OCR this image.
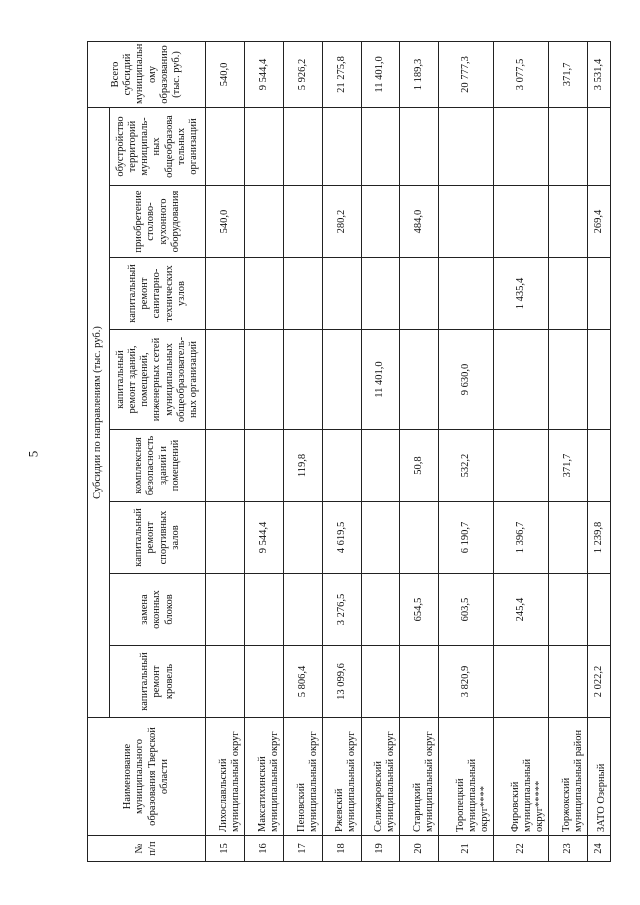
5
№ п/п	Наименование муниципального образования Тверской области	Субсидии по направлениям (тыс. руб.)								Всего субсидий муниципальн ому образованию (тыс. руб.)
		капитальный ремонт кровель	замена оконных блоков	капитальный ремонт спортивных залов	комплексная безопасность зданий и помещений	капитальный ремонт зданий, помещений, инженерных сетей муниципальных общеобразователь-ных организаций	капитальный ремонт санитарно-технических узлов	приобретение столово-кухонного оборудования	обустройство территорий муниципаль-ных общеобразова тельных организаций	
15	Лихославльский муниципальный округ							540,0		540,0
16	Максатихинский муниципальный округ			9 544,4						9 544,4
17	Пеновский муниципальный округ	5 806,4			119,8					5 926,2
18	Ржевский муниципальный округ	13 099,6	3 276,5	4 619,5				280,2		21 275,8
19	Селижаровский муниципальный округ					11 401,0				11 401,0
20	Старицкий муниципальный округ		654,5		50,8			484,0		1 189,3
21	Торопецкий муниципальный округ****	3 820,9	603,5	6 190,7	532,2	9 630,0				20 777,3
22	Фировский муниципальный округ*****		245,4	1 396,7			1 435,4			3 077,5
23	Торжокский муниципальный район				371,7					371,7
24	ЗАТО Озерный	2 022,2		1 239,8				269,4		3 531,4
